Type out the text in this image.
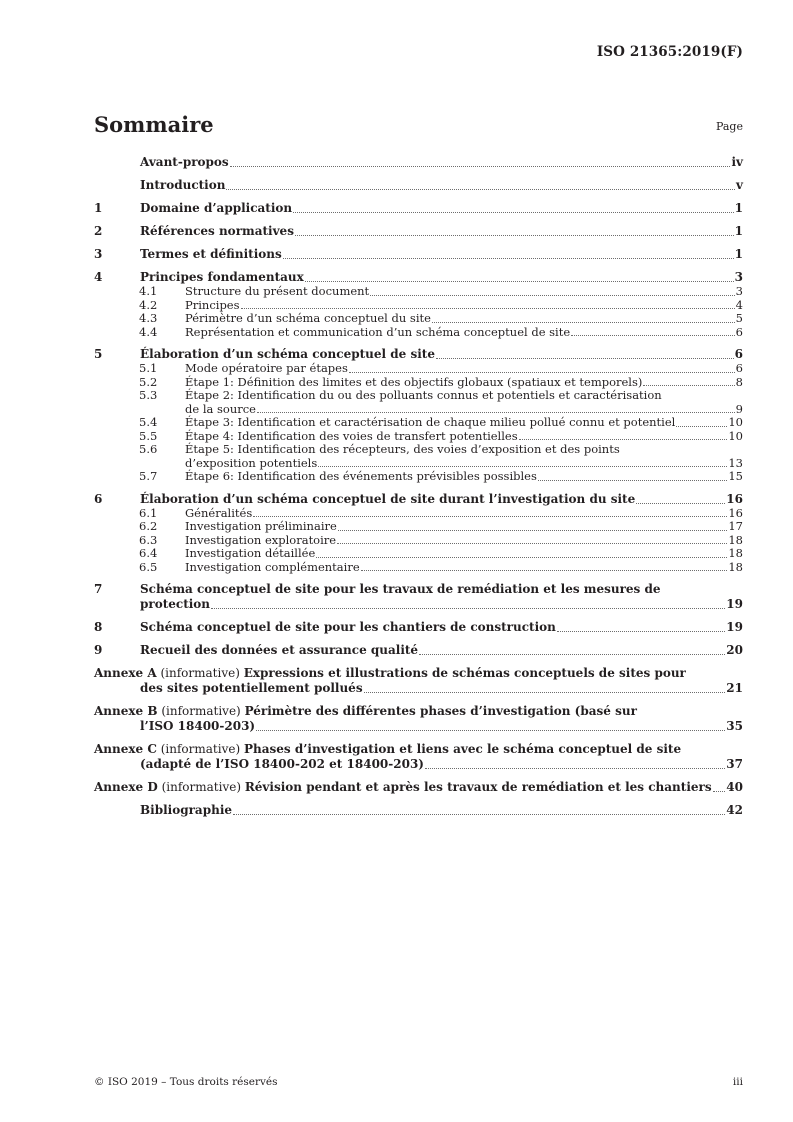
ISO 21365:2019(F)
Sommaire	Page
Avant-propos	iv
Introduction	v
1	Domaine d’application	1
2	Références normatives	1
3	Termes et définitions	1
4	Principes fondamentaux	3
4.1	Structure du présent document	3
4.2	Principes	4
4.3	Périmètre d’un schéma conceptuel du site	5
4.4	Représentation et communication d’un schéma conceptuel de site	6
5	Élaboration d’un schéma conceptuel de site	6
5.1	Mode opératoire par étapes	6
5.2	Étape 1: Définition des limites et des objectifs globaux (spatiaux et temporels)	8
5.3	Étape 2: Identification du ou des polluants connus et potentiels et caractérisation
de la source	9
5.4	Étape 3: Identification et caractérisation de chaque milieu pollué connu et potentiel	10
5.5	Étape 4: Identification des voies de transfert potentielles	10
5.6	Étape 5: Identification des récepteurs, des voies d’exposition et des points
d’exposition potentiels	13
5.7	Étape 6: Identification des événements prévisibles possibles	15
6	Élaboration d’un schéma conceptuel de site durant l’investigation du site	16
6.1	Généralités	16
6.2	Investigation préliminaire	17
6.3	Investigation exploratoire	18
6.4	Investigation détaillée	18
6.5	Investigation complémentaire	18
7	Schéma conceptuel de site pour les travaux de remédiation et les mesures de
protection	19
8	Schéma conceptuel de site pour les chantiers de construction	19
9	Recueil des données et assurance qualité	20
Annexe A (informative) Expressions et illustrations de schémas conceptuels de sites pour
des sites potentiellement pollués	21
Annexe B (informative) Périmètre des différentes phases d’investigation (basé sur
l’ISO 18400-203)	35
Annexe C (informative) Phases d’investigation et liens avec le schéma conceptuel de site
(adapté de l’ISO 18400-202 et 18400-203)	37
Annexe D (informative) Révision pendant et après les travaux de remédiation et les chantiers 40
Bibliographie	42
© ISO 2019 – Tous droits réservés	iii
